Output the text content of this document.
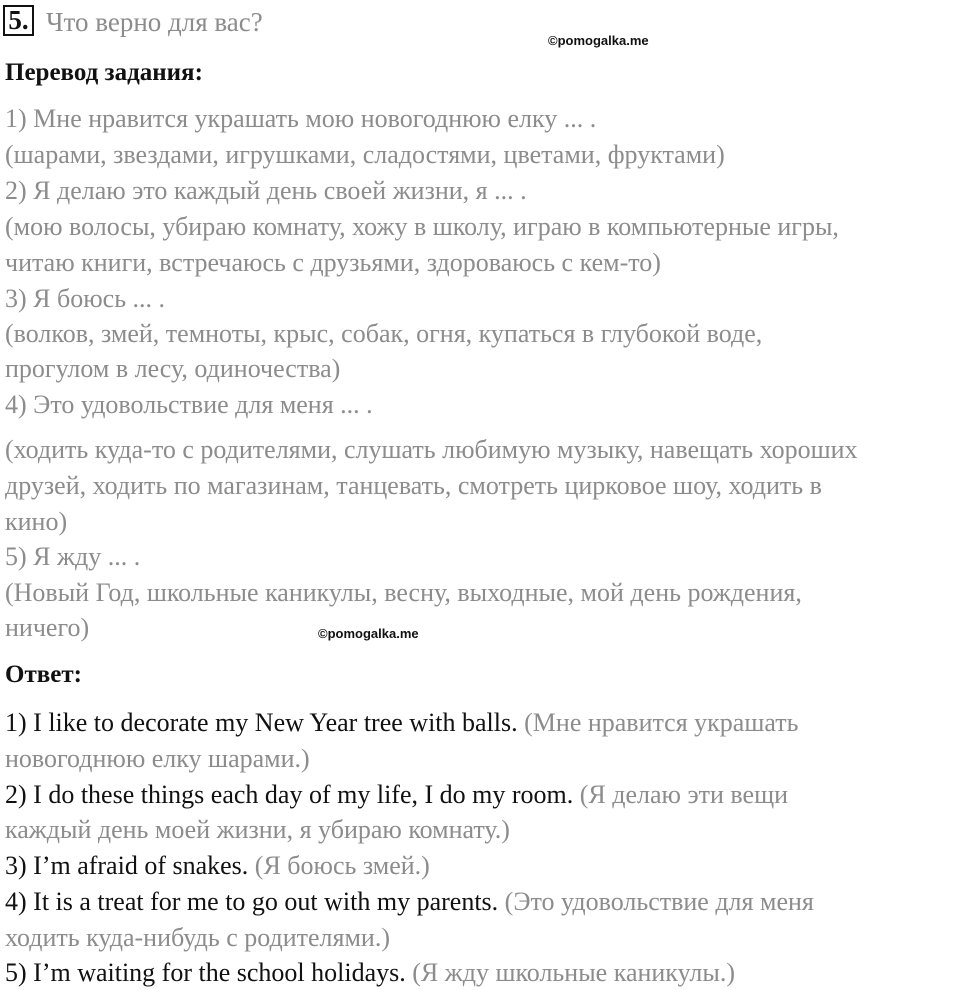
5. Что верно для вас?
©pomogalka.me
Перевод задания:
1) Мне нравится украшать мою новогоднюю елку ... .
(шарами, звездами, игрушками, сладостями, цветами, фруктами)
2) Я делаю это каждый день своей жизни, я ... .
(мою волосы, убираю комнату, хожу в школу, играю в компьютерные игры,
читаю книги, встречаюсь с друзьями, здороваюсь с кем-то)
3) Я боюсь ... .
(волков, змей, темноты, крыс, собак, огня, купаться в глубокой воде,
прогулом в лесу, одиночества)
4) Это удовольствие для меня ... .
(ходить куда-то с родителями, слушать любимую музыку, навещать хороших
друзей, ходить по магазинам, танцевать, смотреть цирковое шоу, ходить в
кино)
5) Я жду ... .
(Новый Год, школьные каникулы, весну, выходные, мой день рождения,
ничего)	©pomogalka.me
Ответ:
1) I like to decorate my New Year tree with balls. (Мне нравится украшать
новогоднюю елку шарами.)
2) I do these things each day of my life, I do my room. (Я делаю эти вещи
каждый день моей жизни, я убираю комнату.)
3) I’m afraid of snakes. (Я боюсь змей.)
4) It is a treat for me to go out with my parents. (Это удовольствие для меня
ходить куда-нибудь с родителями.)
5) I’m waiting for the school holidays. (Я жду школьные каникулы.)
